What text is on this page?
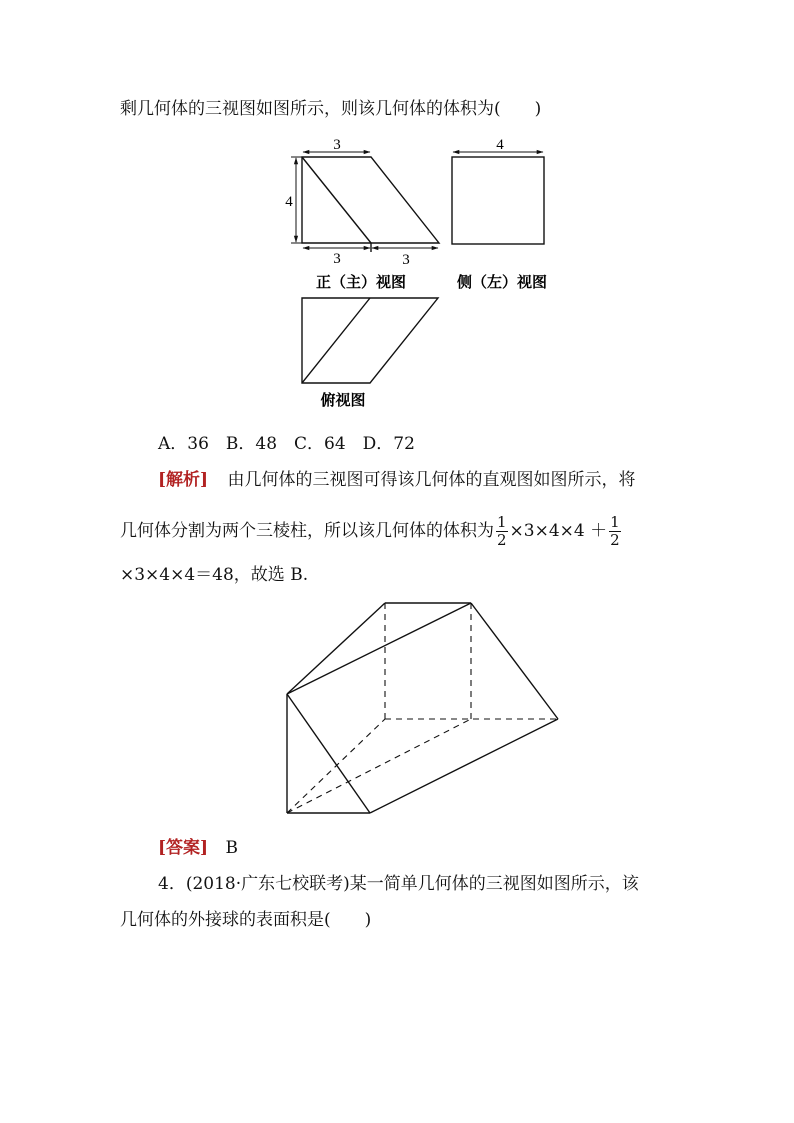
剩几何体的三视图如图所示，则该几何体的体积为(　　)
3
4
3	3
正（主）视图
4
侧（左）视图
俯视图
A．36　B．48　C．64　D．72
[解析] 由几何体的三视图可得该几何体的直观图如图所示，将
几何体分割为两个三棱柱，所以该几何体的体积为 $\frac{1}{2} \times 3\times 4\times 4 + \frac{1}{2}$
×3×4×4＝48，故选 B.
[答案] B
4．(2018·广东七校联考)某一简单几何体的三视图如图所示，该
几何体的外接球的表面积是(　　)
